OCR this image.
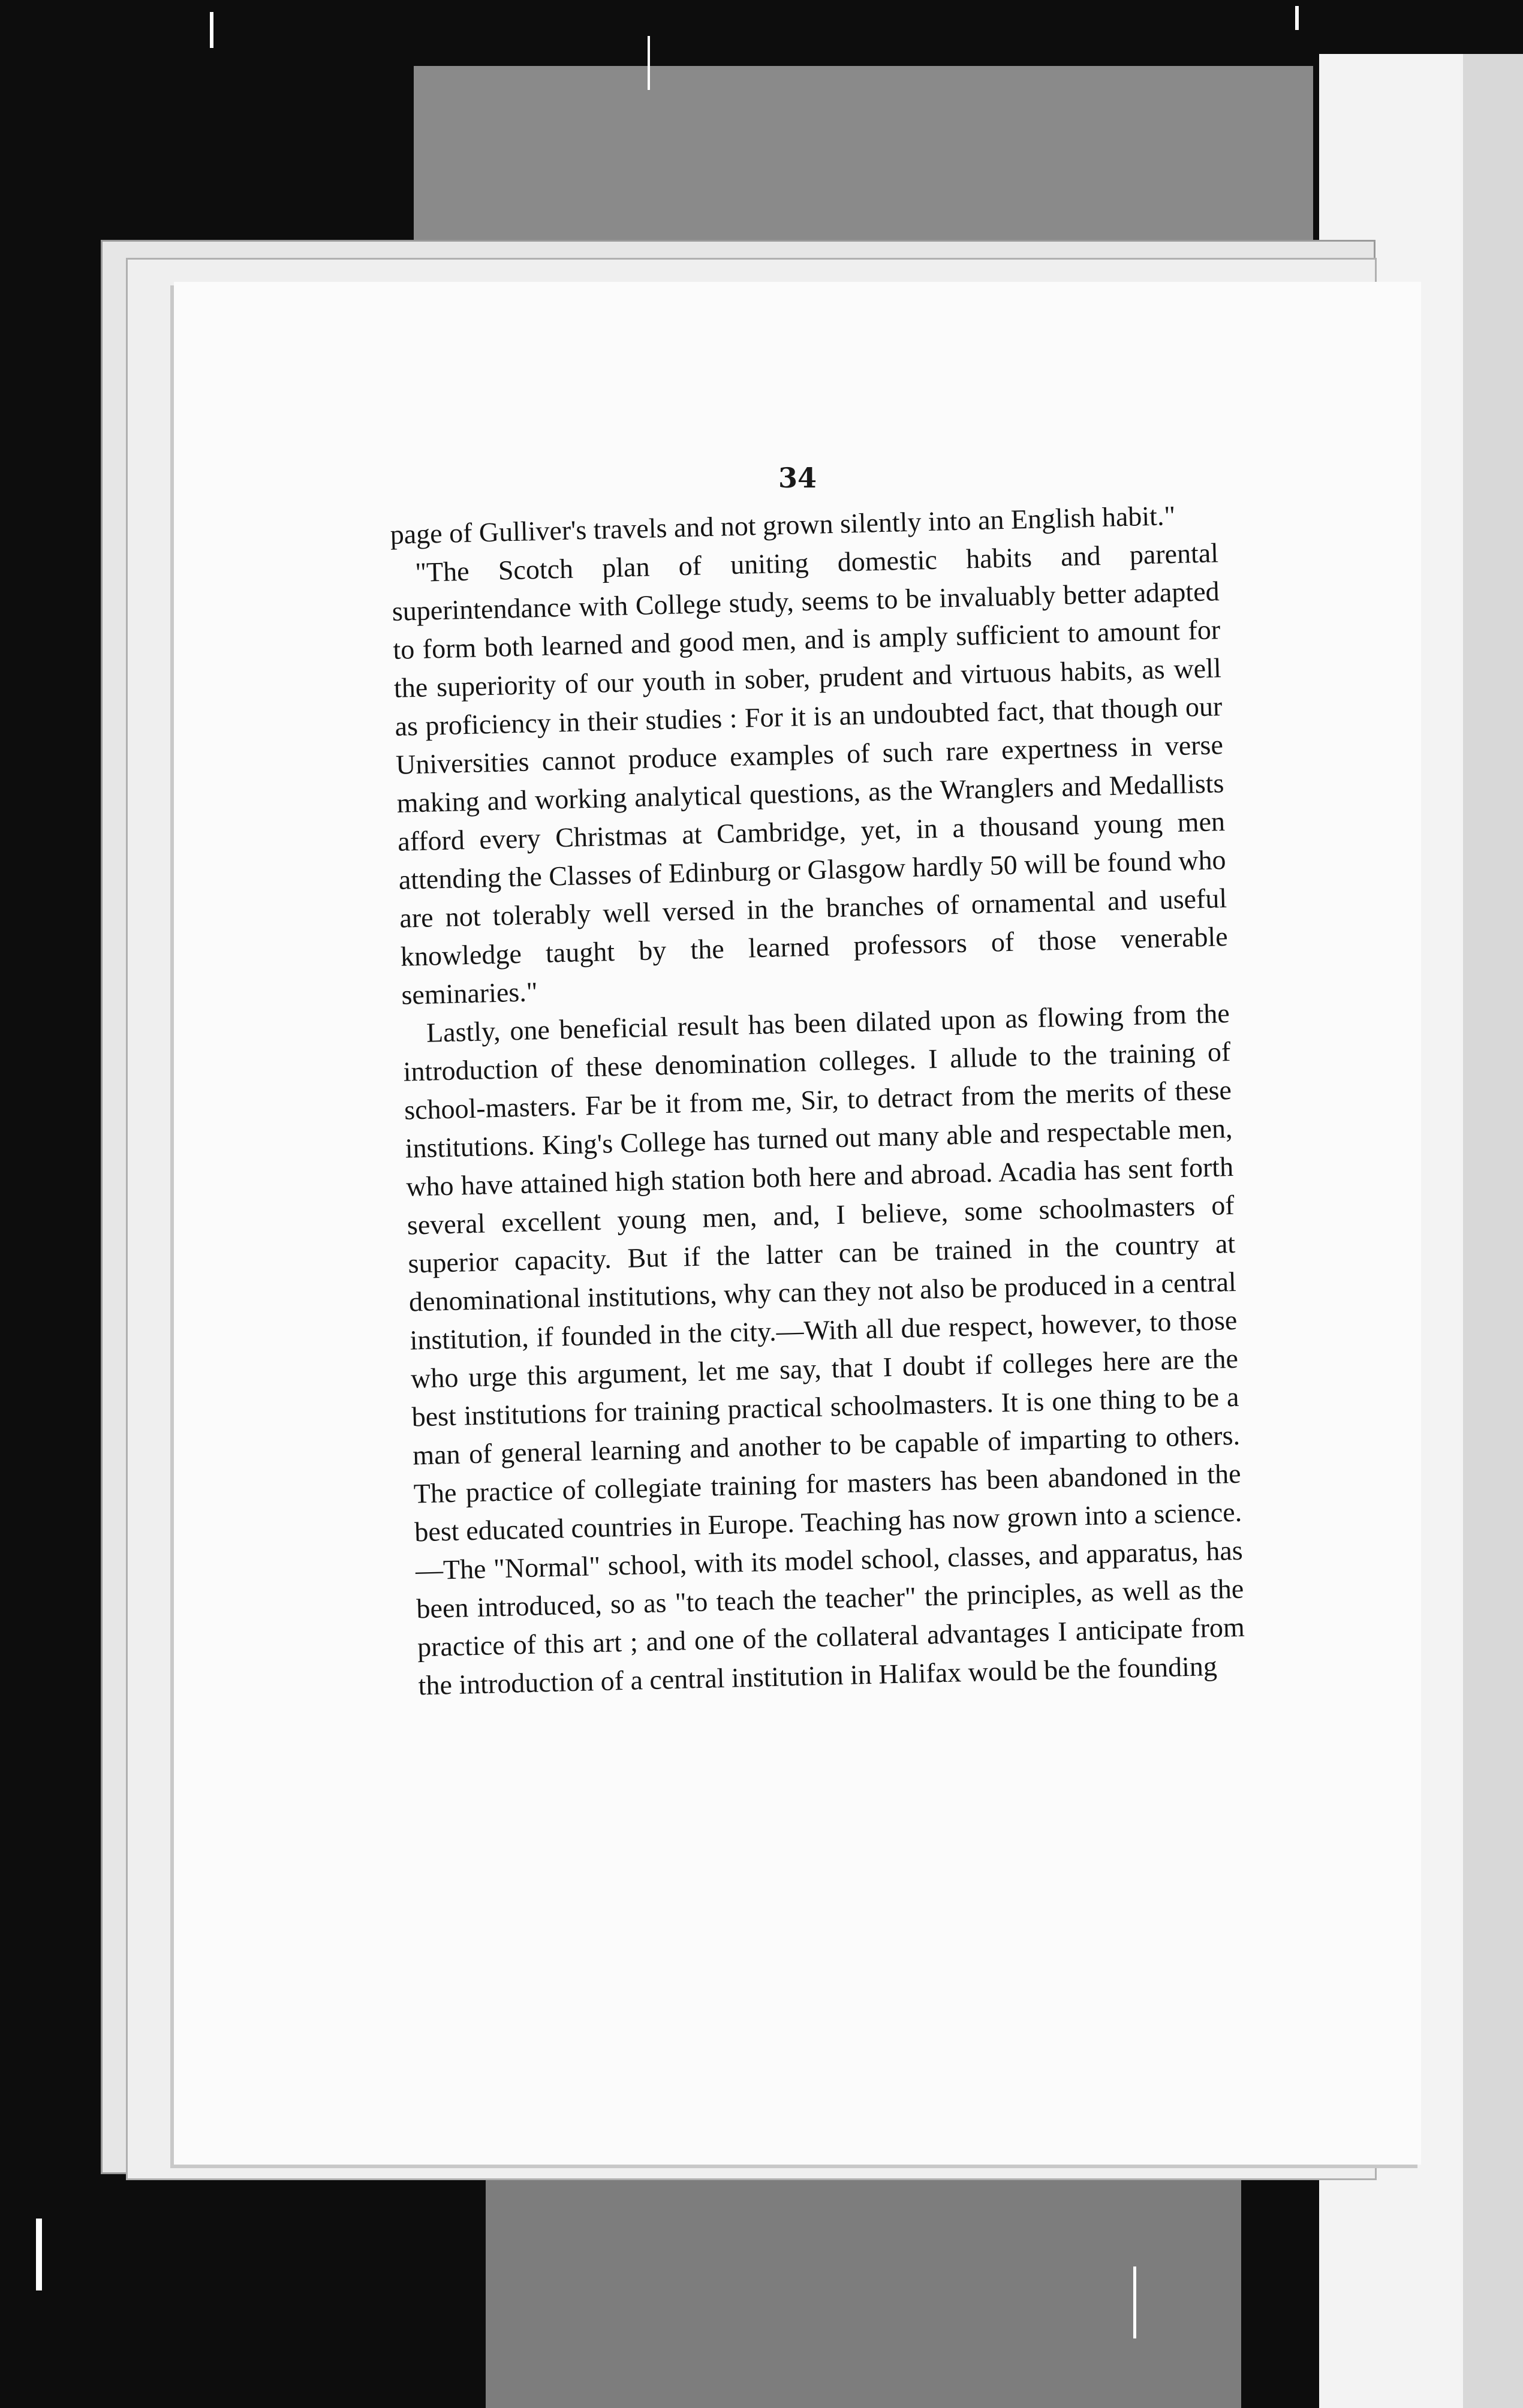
34

page of Gulliver's travels and not grown silently into an English habit."

"The Scotch plan of uniting domestic habits and parental superintendance with College study, seems to be invaluably better adapted to form both learned and good men, and is amply sufficient to amount for the superiority of our youth in sober, prudent and virtuous habits, as well as proficiency in their studies : For it is an undoubted fact, that though our Universities cannot produce examples of such rare expertness in verse making and working analytical questions, as the Wranglers and Medallists afford every Christmas at Cambridge, yet, in a thousand young men attending the Classes of Edinburg or Glasgow hardly 50 will be found who are not tolerably well versed in the branches of ornamental and useful knowledge taught by the learned professors of those venerable seminaries."

Lastly, one beneficial result has been dilated upon as flowing from the introduction of these denomination colleges. I allude to the training of school-masters. Far be it from me, Sir, to detract from the merits of these institutions. King's College has turned out many able and respectable men, who have attained high station both here and abroad. Acadia has sent forth several excellent young men, and, I believe, some schoolmasters of superior capacity. But if the latter can be trained in the country at denominational institutions, why can they not also be produced in a central institution, if founded in the city.—With all due respect, however, to those who urge this argument, let me say, that I doubt if colleges here are the best institutions for training practical schoolmasters. It is one thing to be a man of general learning and another to be capable of imparting to others. The practice of collegiate training for masters has been abandoned in the best educated countries in Europe. Teaching has now grown into a science.—The "Normal" school, with its model school, classes, and apparatus, has been introduced, so as "to teach the teacher" the principles, as well as the practice of this art ; and one of the collateral advantages I anticipate from the introduction of a central institution in Halifax would be the founding
